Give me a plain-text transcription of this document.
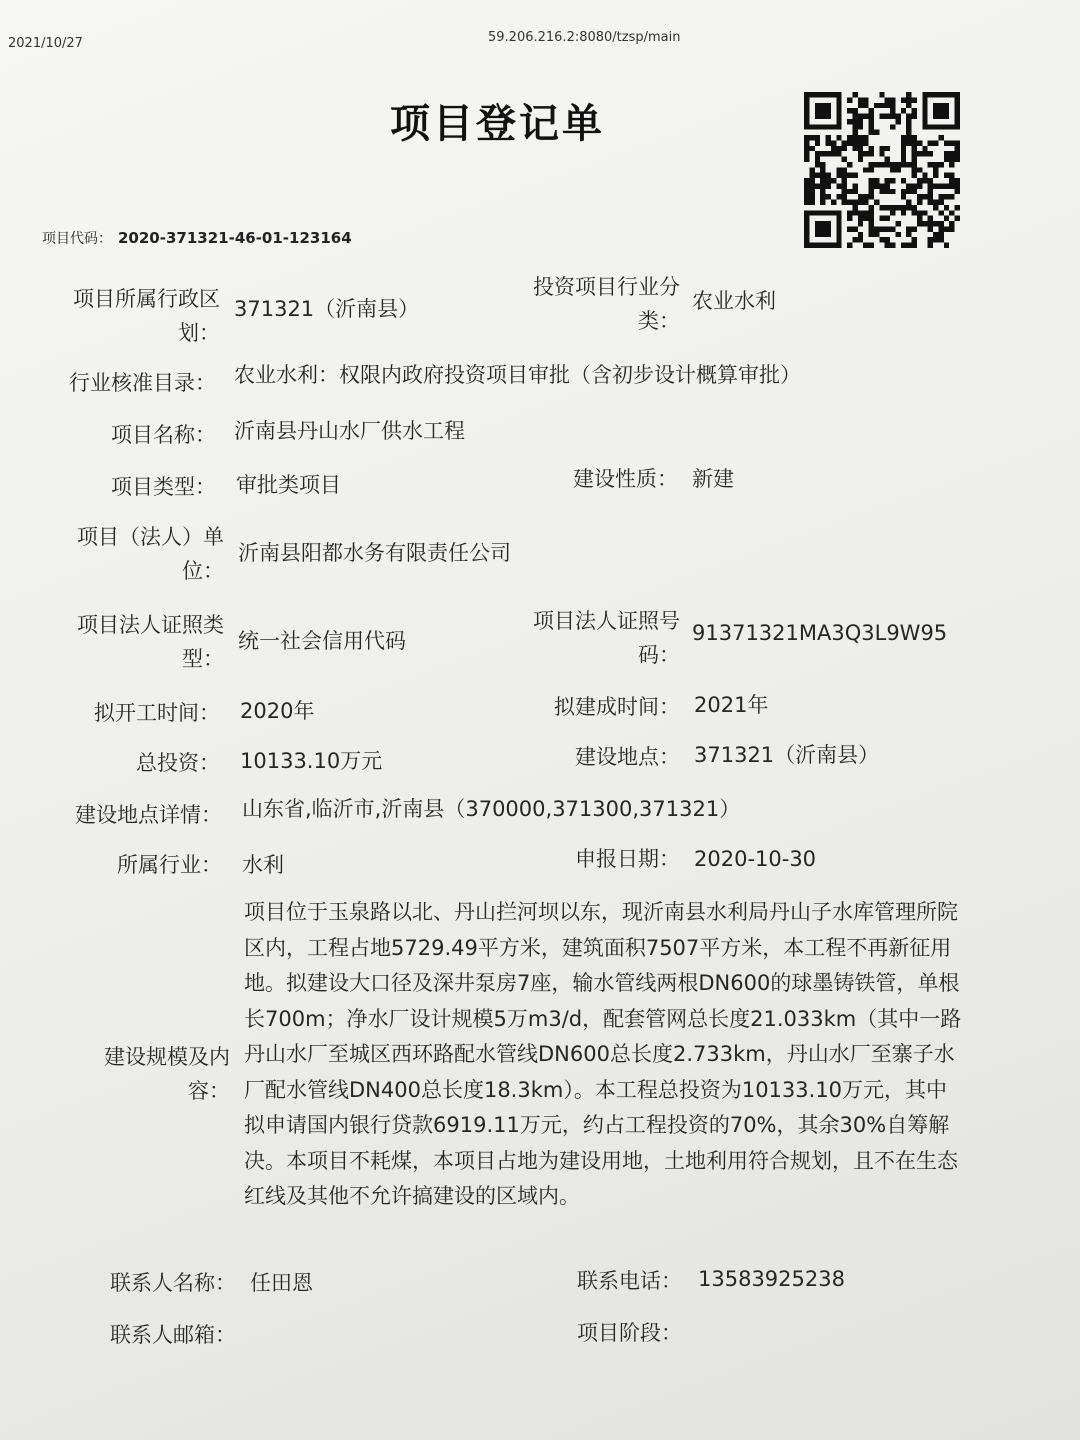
2021/10/27	59.206.216.2:8080/tzsp/main
项目登记单
项目代码： 2020-371321-46-01-123164
项目所属行政区划：
371321（沂南县）
投资项目行业分类：
农业水利
行业核准目录： 农业水利：权限内政府投资项目审批（含初步设计概算审批）
项目名称： 沂南县丹山水厂供水工程
项目类型： 审批类项目	建设性质： 新建
项目（法人）单位：
沂南县阳都水务有限责任公司
项目法人证照类型：
统一社会信用代码
项目法人证照号码：
91371321MA3Q3L9W95
拟开工时间： 2020年	拟建成时间： 2021年
总投资： 10133.10万元	建设地点： 371321（沂南县）
建设地点详情： 山东省,临沂市,沂南县（370000,371300,371321）
所属行业： 水利	申报日期： 2020-10-30
建设规模及内容：
项目位于玉泉路以北、丹山拦河坝以东，现沂南县水利局丹山子水库管理所院区内，工程占地5729.49平方米，建筑面积7507平方米，本工程不再新征用地。拟建设大口径及深井泵房7座，输水管线两根DN600的球墨铸铁管，单根长700m；净水厂设计规模5万m3/d，配套管网总长度21.033km（其中一路丹山水厂至城区西环路配水管线DN600总长度2.733km，丹山水厂至寨子水厂配水管线DN400总长度18.3km）。本工程总投资为10133.10万元，其中拟申请国内银行贷款6919.11万元，约占工程投资的70%，其余30%自筹解决。本项目不耗煤，本项目占地为建设用地，土地利用符合规划，且不在生态红线及其他不允许搞建设的区域内。
联系人名称： 任田恩	联系电话： 13583925238
联系人邮箱：	项目阶段：
